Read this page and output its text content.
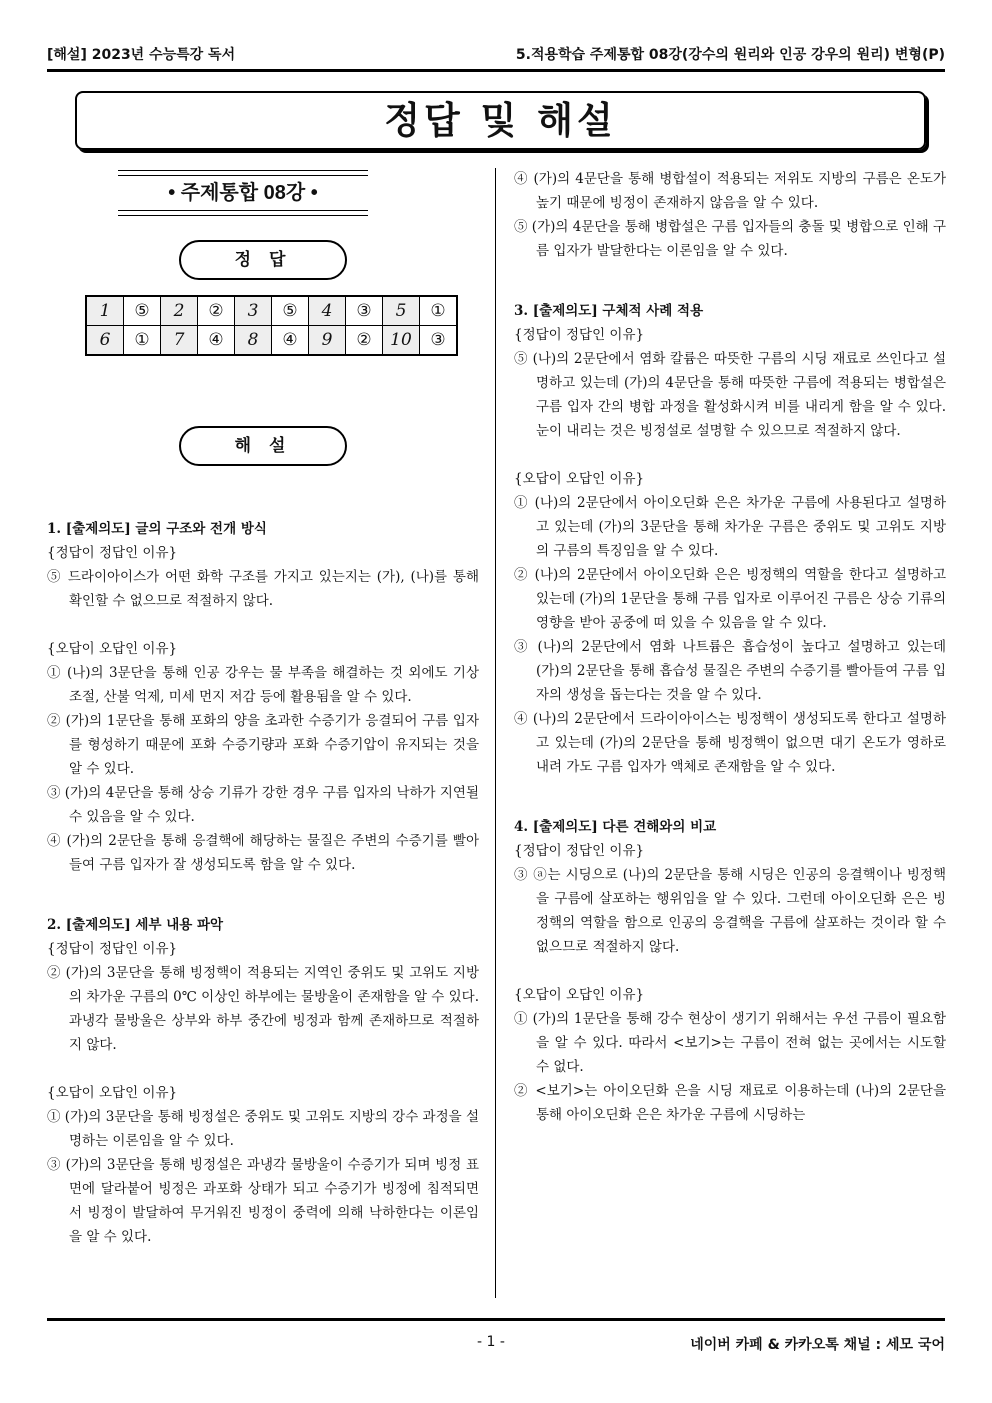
[해설] 2023년 수능특강 독서	5.적용학습 주제통합 08강(강수의 원리와 인공 강우의 원리) 변형(P)
정답 및 해설
• 주제통합 08강 •
정 답
1	⑤	2	②	3	⑤	4	③	5	①
6	①	7	④	8	④	9	②	10	③
해 설

1. [출제의도] 글의 구조와 전개 방식

{정답이 정답인 이유}

⑤ 드라이아이스가 어떤 화학 구조를 가지고 있는지는 (가), (나)를 통해 확인할 수 없으므로 적절하지 않다.

{오답이 오답인 이유}

① (나)의 3문단을 통해 인공 강우는 물 부족을 해결하는 것 외에도 기상 조절, 산불 억제, 미세 먼지 저감 등에 활용됨을 알 수 있다.

② (가)의 1문단을 통해 포화의 양을 초과한 수증기가 응결되어 구름 입자를 형성하기 때문에 포화 수증기량과 포화 수증기압이 유지되는 것을 알 수 있다.

③ (가)의 4문단을 통해 상승 기류가 강한 경우 구름 입자의 낙하가 지연될 수 있음을 알 수 있다.

④ (가)의 2문단을 통해 응결핵에 해당하는 물질은 주변의 수증기를 빨아들여 구름 입자가 잘 생성되도록 함을 알 수 있다.

2. [출제의도] 세부 내용 파악

{정답이 정답인 이유}

② (가)의 3문단을 통해 빙정핵이 적용되는 지역인 중위도 및 고위도 지방의 차가운 구름의 0℃ 이상인 하부에는 물방울이 존재함을 알 수 있다. 과냉각 물방울은 상부와 하부 중간에 빙정과 함께 존재하므로 적절하지 않다.

{오답이 오답인 이유}

① (가)의 3문단을 통해 빙정설은 중위도 및 고위도 지방의 강수 과정을 설명하는 이론임을 알 수 있다.

③ (가)의 3문단을 통해 빙정설은 과냉각 물방울이 수증기가 되며 빙정 표면에 달라붙어 빙정은 과포화 상태가 되고 수증기가 빙정에 침적되면서 빙정이 발달하여 무거워진 빙정이 중력에 의해 낙하한다는 이론임을 알 수 있다.

④ (가)의 4문단을 통해 병합설이 적용되는 저위도 지방의 구름은 온도가 높기 때문에 빙정이 존재하지 않음을 알 수 있다.

⑤ (가)의 4문단을 통해 병합설은 구름 입자들의 충돌 및 병합으로 인해 구름 입자가 발달한다는 이론임을 알 수 있다.

3. [출제의도] 구체적 사례 적용

{정답이 정답인 이유}

⑤ (나)의 2문단에서 염화 칼륨은 따뜻한 구름의 시딩 재료로 쓰인다고 설명하고 있는데 (가)의 4문단을 통해 따뜻한 구름에 적용되는 병합설은 구름 입자 간의 병합 과정을 활성화시켜 비를 내리게 함을 알 수 있다. 눈이 내리는 것은 빙정설로 설명할 수 있으므로 적절하지 않다.

{오답이 오답인 이유}

① (나)의 2문단에서 아이오딘화 은은 차가운 구름에 사용된다고 설명하고 있는데 (가)의 3문단을 통해 차가운 구름은 중위도 및 고위도 지방의 구름의 특징임을 알 수 있다.

② (나)의 2문단에서 아이오딘화 은은 빙정핵의 역할을 한다고 설명하고 있는데 (가)의 1문단을 통해 구름 입자로 이루어진 구름은 상승 기류의 영향을 받아 공중에 떠 있을 수 있음을 알 수 있다.

③ (나)의 2문단에서 염화 나트륨은 흡습성이 높다고 설명하고 있는데 (가)의 2문단을 통해 흡습성 물질은 주변의 수증기를 빨아들여 구름 입자의 생성을 돕는다는 것을 알 수 있다.

④ (나)의 2문단에서 드라이아이스는 빙정핵이 생성되도록 한다고 설명하고 있는데 (가)의 2문단을 통해 빙정핵이 없으면 대기 온도가 영하로 내려 가도 구름 입자가 액체로 존재함을 알 수 있다.

4. [출제의도] 다른 견해와의 비교

{정답이 정답인 이유}

③ ⓐ는 시딩으로 (나)의 2문단을 통해 시딩은 인공의 응결핵이나 빙정핵을 구름에 살포하는 행위임을 알 수 있다. 그런데 아이오딘화 은은 빙정핵의 역할을 함으로 인공의 응결핵을 구름에 살포하는 것이라 할 수 없으므로 적절하지 않다.

{오답이 오답인 이유}

① (가)의 1문단을 통해 강수 현상이 생기기 위해서는 우선 구름이 필요함을 알 수 있다. 따라서 <보기>는 구름이 전혀 없는 곳에서는 시도할 수 없다.

② <보기>는 아이오딘화 은을 시딩 재료로 이용하는데 (나)의 2문단을 통해 아이오딘화 은은 차가운 구름에 시딩하는

- 1 -	네이버 카페 & 카카오톡 채널 : 세모 국어
